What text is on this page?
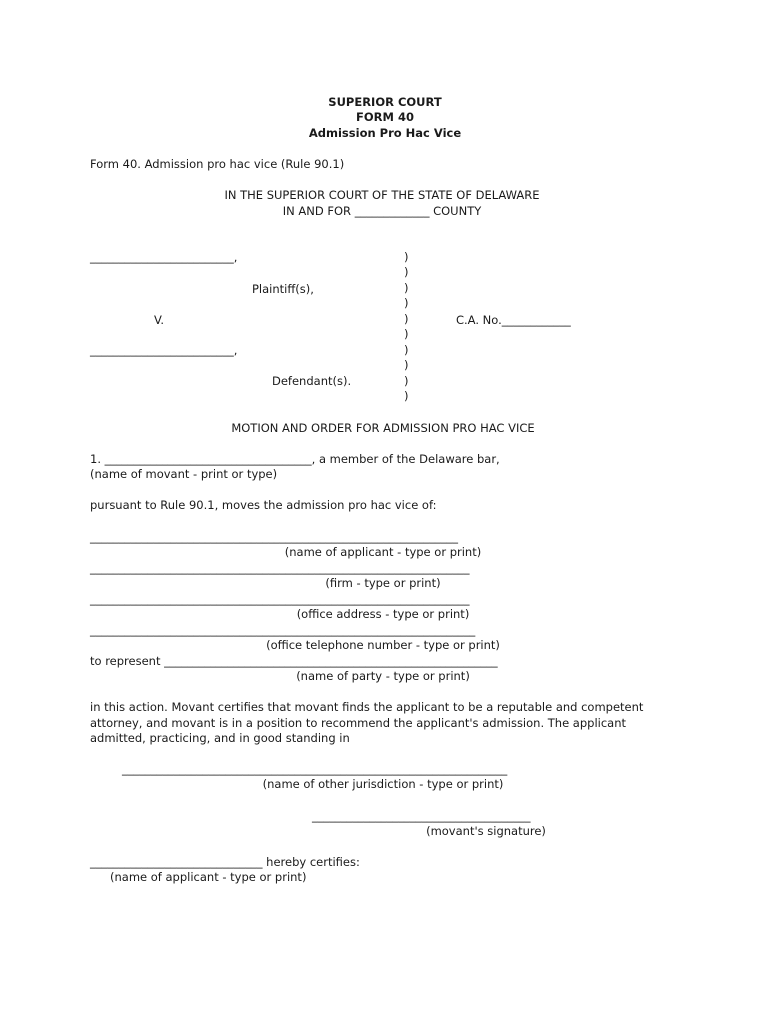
SUPERIOR COURT
FORM 40
Admission Pro Hac Vice
Form 40. Admission pro hac vice (Rule 90.1)
IN THE SUPERIOR COURT OF THE STATE OF DELAWARE
IN AND FOR _____________ COUNTY
_________________________,
Plaintiff(s),
V.	C.A. No.____________
_________________________,
Defendant(s).
)
)
)
)
)
)
)
)
)
)
MOTION AND ORDER FOR ADMISSION PRO HAC VICE
1. ____________________________________, a member of the Delaware bar,
(name of movant - print or type)
pursuant to Rule 90.1, moves the admission pro hac vice of:
________________________________________________________________
(name of applicant - type or print)
__________________________________________________________________
(firm - type or print)
__________________________________________________________________
(office address - type or print)
___________________________________________________________________
(office telephone number - type or print)
to represent __________________________________________________________
(name of party - type or print)
in this action. Movant certifies that movant finds the applicant to be a reputable and competent attorney, and movant is in a position to recommend the applicant's admission. The applicant admitted, practicing, and in good standing in
___________________________________________________________________
(name of other jurisdiction - type or print)
______________________________________
(movant's signature)
______________________________ hereby certifies:
(name of applicant - type or print)
